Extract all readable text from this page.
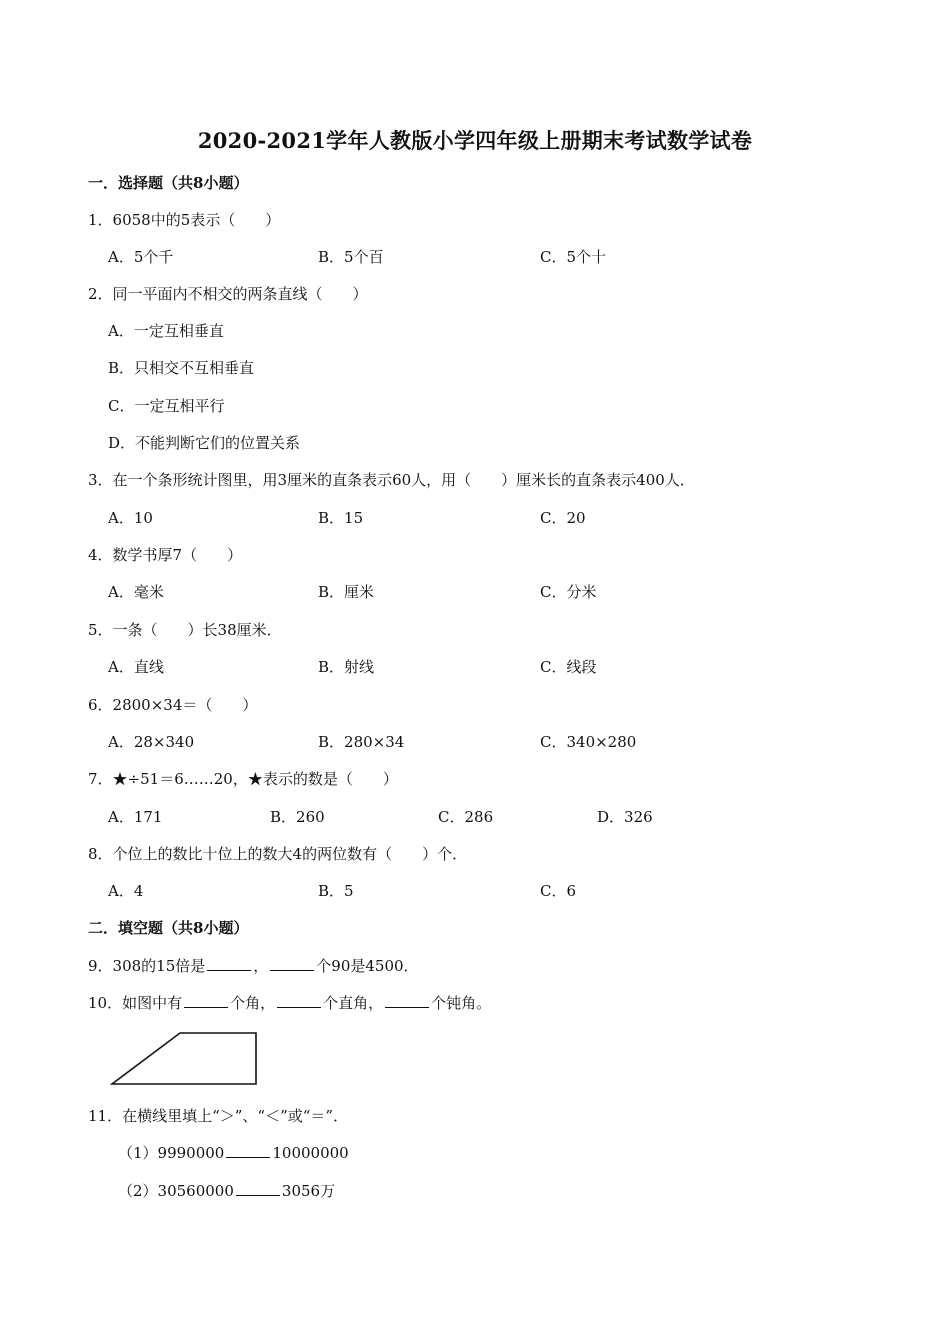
2020-2021学年人教版小学四年级上册期末考试数学试卷
一．选择题（共8小题）
1．6058中的5表示（　　）
A．5个千	B．5个百	C．5个十
2．同一平面内不相交的两条直线（　　）
A．一定互相垂直
B．只相交不互相垂直
C．一定互相平行
D．不能判断它们的位置关系
3．在一个条形统计图里，用3厘米的直条表示60人，用（　　）厘米长的直条表示400人．
A．10	B．15	C．20
4．数学书厚7（　　）
A．毫米	B．厘米	C．分米
5．一条（　　）长38厘米．
A．直线	B．射线	C．线段
6．2800×34＝（　　）
A．28×340	B．280×34	C．340×280
7．★÷51＝6……20，★表示的数是（　　）
A．171	B．260	C．286	D．326
8．个位上的数比十位上的数大4的两位数有（　　）个．
A．4	B．5	C．6
二．填空题（共8小题）
9．308的15倍是	，	个90是4500．
10．如图中有	个角，	个直角，	个钝角。
11．在横线里填上“＞”、“＜”或“＝”．
（1）9990000	10000000
（2）30560000	3056万
